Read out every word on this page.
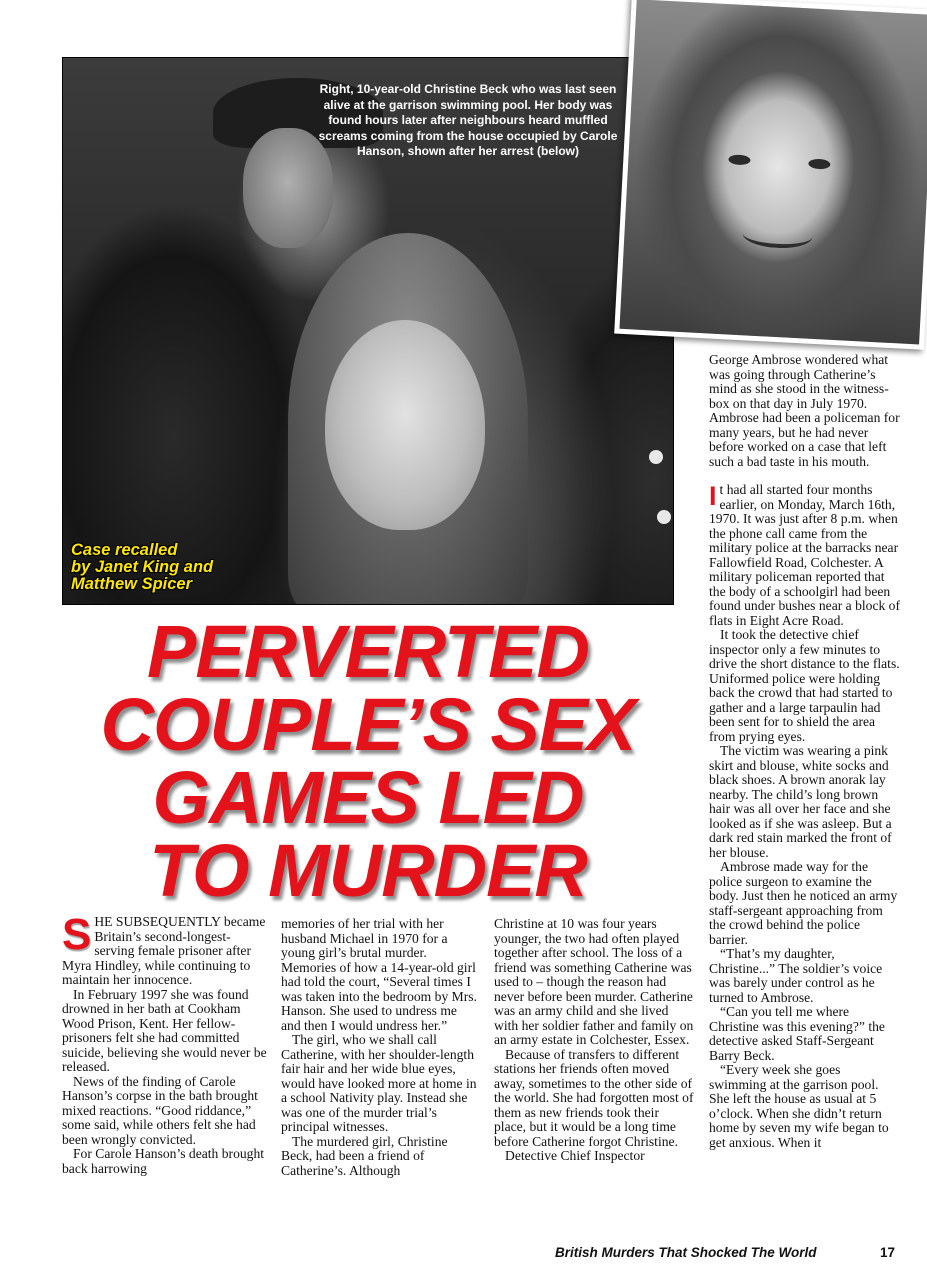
Right, 10-year-old Christine Beck who was last seen alive at the garrison swimming pool. Her body was found hours later after neighbours heard muffled screams coming from the house occupied by Carole Hanson, shown after her arrest (below)
Case recalled
by Janet King and
Matthew Spicer
PERVERTED
COUPLE’S SEX
GAMES LED
TO MURDER

SHE SUBSEQUENTLY became Britain’s second-longest-serving female prisoner after Myra Hindley, while continuing to maintain her innocence.

In February 1997 she was found drowned in her bath at Cookham Wood Prison, Kent. Her fellow-prisoners felt she had committed suicide, believing she would never be released.

News of the finding of Carole Hanson’s corpse in the bath brought mixed reactions. “Good riddance,” some said, while others felt she had been wrongly convicted.

For Carole Hanson’s death brought back harrowing

memories of her trial with her husband Michael in 1970 for a young girl’s brutal murder. Memories of how a 14-year-old girl had told the court, “Several times I was taken into the bedroom by Mrs. Hanson. She used to undress me and then I would undress her.”

The girl, who we shall call Catherine, with her shoulder-length fair hair and her wide blue eyes, would have looked more at home in a school Nativity play. Instead she was one of the murder trial’s principal witnesses.

The murdered girl, Christine Beck, had been a friend of Catherine’s. Although

Christine at 10 was four years younger, the two had often played together after school. The loss of a friend was something Catherine was used to – though the reason had never before been murder. Catherine was an army child and she lived with her soldier father and family on an army estate in Colchester, Essex.

Because of transfers to different stations her friends often moved away, sometimes to the other side of the world. She had forgotten most of them as new friends took their place, but it would be a long time before Catherine forgot Christine.

Detective Chief Inspector

George Ambrose wondered what was going through Catherine’s mind as she stood in the witness-box on that day in July 1970. Ambrose had been a policeman for many years, but he had never before worked on a case that left such a bad taste in his mouth.

It had all started four months earlier, on Monday, March 16th, 1970. It was just after 8 p.m. when the phone call came from the military police at the barracks near Fallowfield Road, Colchester. A military policeman reported that the body of a schoolgirl had been found under bushes near a block of flats in Eight Acre Road.

It took the detective chief inspector only a few minutes to drive the short distance to the flats. Uniformed police were holding back the crowd that had started to gather and a large tarpaulin had been sent for to shield the area from prying eyes.

The victim was wearing a pink skirt and blouse, white socks and black shoes. A brown anorak lay nearby. The child’s long brown hair was all over her face and she looked as if she was asleep. But a dark red stain marked the front of her blouse.

Ambrose made way for the police surgeon to examine the body. Just then he noticed an army staff-sergeant approaching from the crowd behind the police barrier.

“That’s my daughter, Christine...” The soldier’s voice was barely under control as he turned to Ambrose.

“Can you tell me where Christine was this evening?” the detective asked Staff-Sergeant Barry Beck.

“Every week she goes swimming at the garrison pool. She left the house as usual at 5 o’clock. When she didn’t return home by seven my wife began to get anxious. When it

British Murders That Shocked The World	17
